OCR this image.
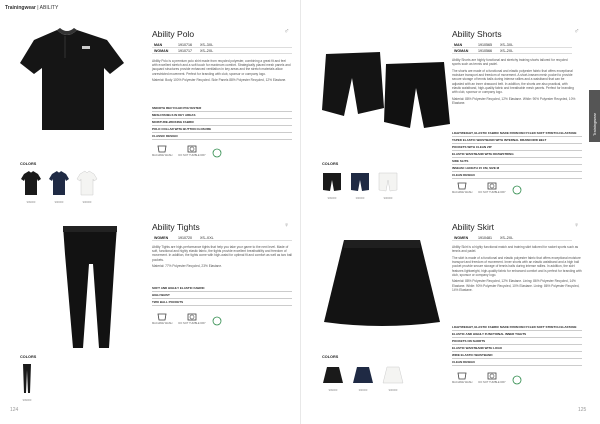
Trainingwear | ABILITY
Trainingwear
Ability Polo	♂
MAN	1910716	XS–3XL
WOMAN	1910717	XS–2XL

Ability Polo is a premium polo shirt made from recycled polyester, combining a great fit and feel with excellent stretch and a soft touch for maximum comfort. Strategically placed mesh panels and jacquard structures provide enhanced ventilation in key areas and the stretch materials allow unrestricted movement. Perfect for branding with club, sponsor or company logo.

Material: Body 100% Polyester Recycled. Side Panels 88% Polyester Recycled, 12% Elastane.

SMOOTH RECYCLED POLYESTER
MESH PANELS IN KEY AREAS
MOISTURE-WICKING FABRIC
POLO COLLAR WITH BUTTON CLOSURE
CLASSIC DESIGN
MACHINE WASH DO NOT TUMBLE DRY
COLORS
999000	990000	900000
Ability Shorts	♂
MAN	1910565	XS–3XL
WOMAN	1910566	XS–2XL

Ability Shorts are highly functional and stretchy training shorts tailored for recycled sports such as tennis and padel.

The shorts are made of a functional and elastic polyester fabric that offers exceptional moisture transport and freedom of movement. A short-inseam mesh pocket to provide secure storage of tennis balls during intense rallies and a waistband that can be adjusted with an inner drawcord belt. In addition, the shorts are also practical, with elastic waistband, high-quality fabric and breathable mesh panels. Perfect for branding with club, sponsor or company logo.

Material: 88% Polyester Recycled, 12% Elastane. While: 90% Polyester Recycled, 10% Elastane.

LIGHTWEIGHT, ELASTIC FABRIC MADE FROM RECYCLED SOFT STRETCH ELASTANE
TAPED ELASTIC WAISTBAND WITH INTERNAL DRAWCORD BELT
POCKETS WITH CLEAN ZIP
ELASTIC WAISTBAND WITH DRAWSTRING
SIDE SLITS
INSEAM: LENGTH 15 CM, SIZE M
CLEAN DESIGN
MACHINE WASH DO NOT TUMBLE DRY
COLORS
999000	390000	900000
Ability Tights	♀
WOMEN	1910720	XS–XXL

Ability Tights are high-performance tights that help you take your game to the next level. Made of soft, functional and highly elastic fabric, the tights provide excellent breathability and freedom of movement. In addition, the tights come with high-waist for optimal fit and comfort as well as two ball pockets.

Material: 77% Polyester Recycled, 23% Elastane.

SOFT AND HIGHLY ELASTIC FABRIC
HIGH WAIST
TWO BALL POCKETS
MACHINE WASH DO NOT TUMBLE DRY
COLORS
999000
Ability Skirt	♀
WOMEN	1910481	XS–2XL

Ability Skirt is a highly functional match and training skirt tailored for racket sports such as tennis and padel.

The skirt is made of a functional and elastic polyester fabric that offers exceptional moisture transport and freedom of movement. Inner shorts with an elastic waistband and a high ball pocket provide secure storage of tennis balls during intense rallies. In addition, the skirt features lightweight, high-quality fabric for enhanced comfort and is perfect for branding with club, sponsor or company logo.

Material: 88% Polyester Recycled, 12% Elastane. Lining: 86% Polyester Recycled, 14% Elastane. While: 90% Polyester Recycled, 10% Elastane. Lining: 86% Polyester Recycled, 14% Elastane.

LIGHTWEIGHT, ELASTIC FABRIC MADE FROM RECYCLED SOFT STRETCH ELASTANE
ELASTIC AND HIGHLY FUNCTIONAL INNER TIGHTS
POCKETS ON SHORTS
ELASTIC WAISTBAND WITH LOGO
WIDE ELASTIC WAISTBAND
CLEAN DESIGN
MACHINE WASH DO NOT TUMBLE DRY
COLORS
999000	390000	900000
124	125
